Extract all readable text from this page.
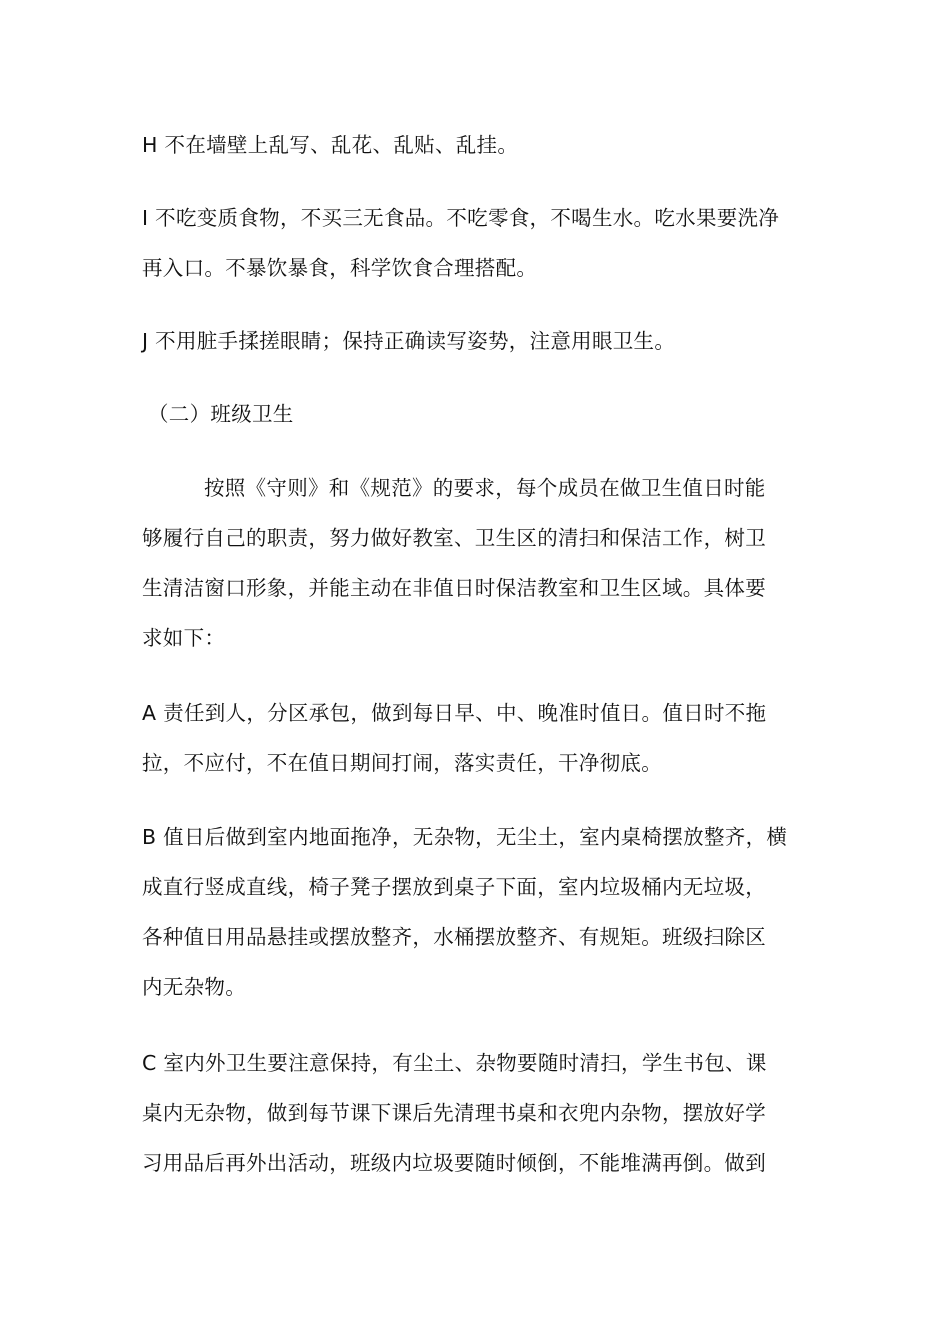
H 不在墙壁上乱写、乱花、乱贴、乱挂。
I 不吃变质食物，不买三无食品。不吃零食，不喝生水。吃水果要洗净
再入口。不暴饮暴食，科学饮食合理搭配。
J 不用脏手揉搓眼睛；保持正确读写姿势，注意用眼卫生。
（二）班级卫生
按照《守则》和《规范》的要求，每个成员在做卫生值日时能
够履行自己的职责，努力做好教室、卫生区的清扫和保洁工作，树卫
生清洁窗口形象，并能主动在非值日时保洁教室和卫生区域。具体要
求如下：
A 责任到人，分区承包，做到每日早、中、晚准时值日。值日时不拖
拉，不应付，不在值日期间打闹，落实责任，干净彻底。
B 值日后做到室内地面拖净，无杂物，无尘土，室内桌椅摆放整齐，横
成直行竖成直线，椅子凳子摆放到桌子下面，室内垃圾桶内无垃圾，
各种值日用品悬挂或摆放整齐，水桶摆放整齐、有规矩。班级扫除区
内无杂物。
C 室内外卫生要注意保持，有尘土、杂物要随时清扫，学生书包、课
桌内无杂物，做到每节课下课后先清理书桌和衣兜内杂物，摆放好学
习用品后再外出活动，班级内垃圾要随时倾倒，不能堆满再倒。做到
